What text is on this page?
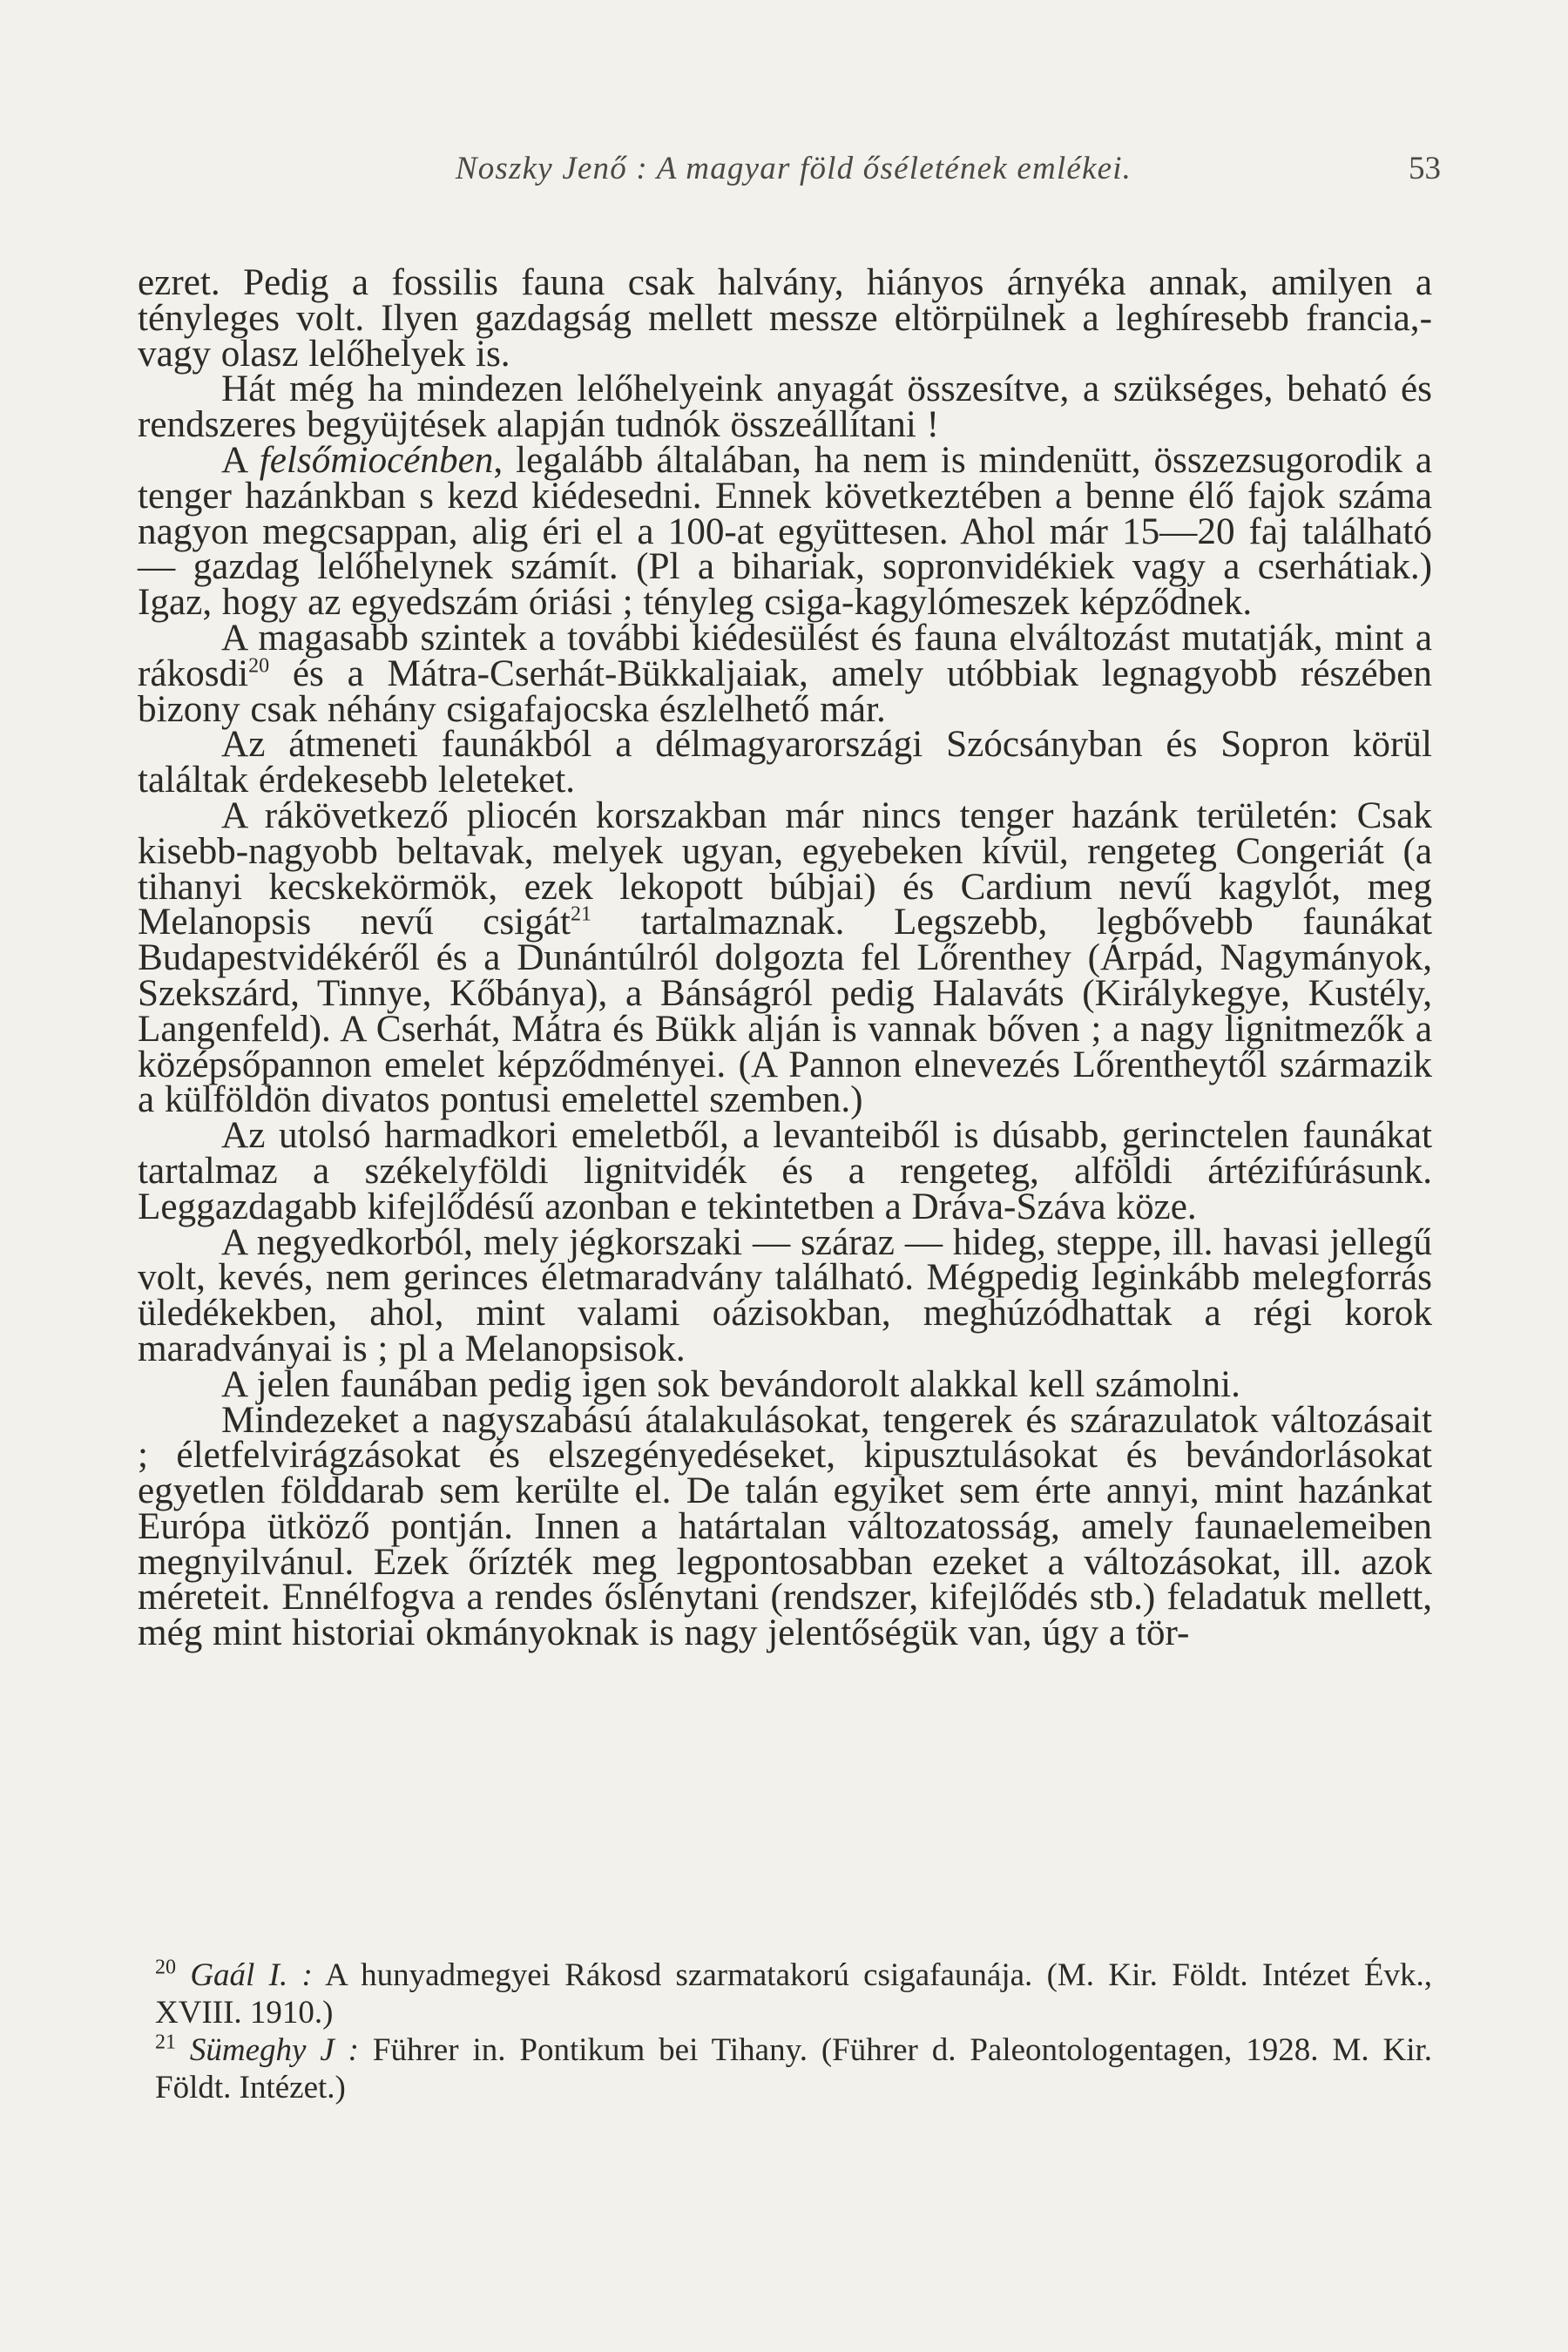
Noszky Jenő : A magyar föld őséletének emlékei.	53

ezret. Pedig a fossilis fauna csak halvány, hiányos árnyéka annak, amilyen a tényleges volt. Ilyen gazdagság mellett messze eltörpülnek a leghíresebb francia,-vagy olasz lelőhelyek is.

Hát még ha mindezen lelőhelyeink anyagát összesítve, a szükséges, beható és rendszeres begyüjtések alapján tudnók összeállítani !

A felsőmiocénben, legalább általában, ha nem is mindenütt, összezsugorodik a tenger hazánkban s kezd kiédesedni. Ennek következtében a benne élő fajok száma nagyon megcsappan, alig éri el a 100-at együttesen. Ahol már 15—20 faj található — gazdag lelőhelynek számít. (Pl a bihariak, sopronvidékiek vagy a cserhátiak.) Igaz, hogy az egyedszám óriási ; tényleg csiga-kagylómeszek képződnek.

A magasabb szintek a további kiédesülést és fauna elváltozást mutatják, mint a rákosdi$^{20}$ és a Mátra-Cserhát-Bükkaljaiak, amely utóbbiak legnagyobb részében bizony csak néhány csigafajocska észlelhető már.

Az átmeneti faunákból a délmagyarországi Szócsányban és Sopron körül találtak érdekesebb leleteket.

A rákövetkező pliocén korszakban már nincs tenger hazánk területén: Csak kisebb-nagyobb beltavak, melyek ugyan, egyebeken kívül, rengeteg Congeriát (a tihanyi kecskekörmök, ezek lekopott búbjai) és Cardium nevű kagylót, meg Melanopsis nevű csigát$^{21}$ tartalmaznak. Legszebb, legbővebb faunákat Budapestvidékéről és a Dunántúlról dolgozta fel Lőrenthey (Árpád, Nagymányok, Szekszárd, Tinnye, Kőbánya), a Bánságról pedig Halaváts (Királykegye, Kustély, Langenfeld). A Cserhát, Mátra és Bükk alján is vannak bőven ; a nagy lignitmezők a középsőpannon emelet képződményei. (A Pannon elnevezés Lőrentheytől származik a külföldön divatos pontusi emelettel szemben.)

Az utolsó harmadkori emeletből, a levanteiből is dúsabb, gerinctelen faunákat tartalmaz a székelyföldi lignitvidék és a rengeteg, alföldi ártézifúrásunk. Leggazdagabb kifejlődésű azonban e tekintetben a Dráva-Száva köze.

A negyedkorból, mely jégkorszaki — száraz — hideg, steppe, ill. havasi jellegű volt, kevés, nem gerinces életmaradvány található. Mégpedig leginkább melegforrás üledékekben, ahol, mint valami oázisokban, meghúzódhattak a régi korok maradványai is ; pl a Melanopsisok.

A jelen faunában pedig igen sok bevándorolt alakkal kell számolni.

Mindezeket a nagyszabású átalakulásokat, tengerek és szárazulatok változásait ; életfelvirágzásokat és elszegényedéseket, kipusztulásokat és bevándorlásokat egyetlen földdarab sem kerülte el. De talán egyiket sem érte annyi, mint hazánkat Európa ütköző pontján. Innen a határtalan változatosság, amely faunaelemeiben megnyilvánul. Ezek őrízték meg legpontosabban ezeket a változásokat, ill. azok méreteit. Ennélfogva a rendes őslénytani (rendszer, kifejlődés stb.) feladatuk mellett, még mint historiai okmányoknak is nagy jelentőségük van, úgy a tör-

$^{20}$ Gaál I. : A hunyadmegyei Rákosd szarmatakorú csigafaunája. (M. Kir. Földt. Intézet Évk., XVIII. 1910.)

$^{21}$ Sümeghy J : Führer in. Pontikum bei Tihany. (Führer d. Paleontologentagen, 1928. M. Kir. Földt. Intézet.)
